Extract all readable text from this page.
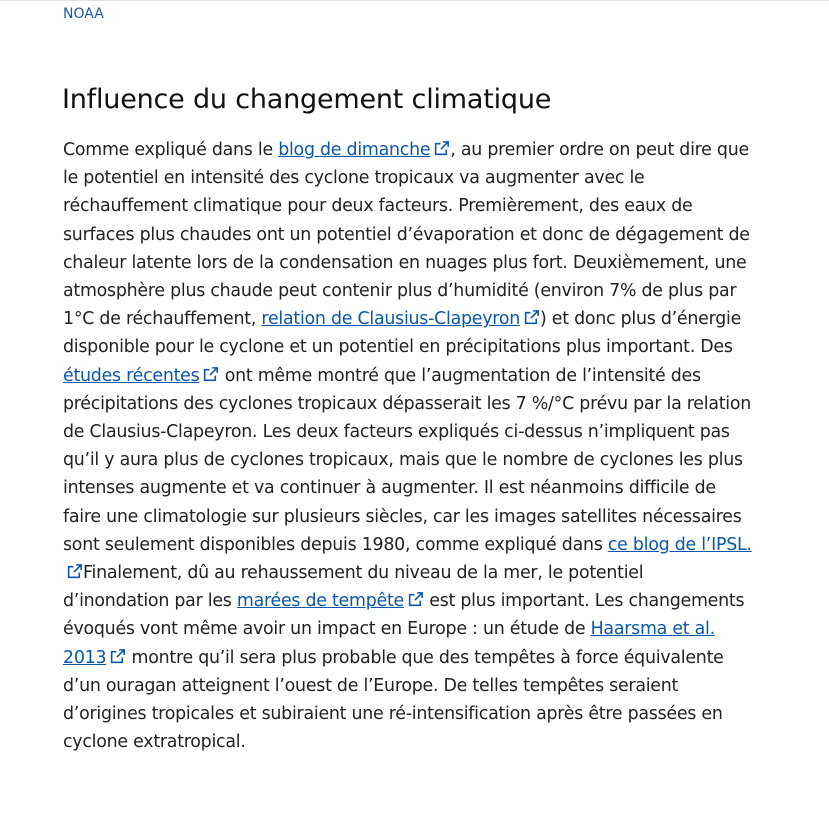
NOAA
Influence du changement climatique

Comme expliqué dans le blog de dimanche , au premier ordre on peut dire que le potentiel en intensité des cyclone tropicaux va augmenter avec le réchauffement climatique pour deux facteurs. Premièrement, des eaux de surfaces plus chaudes ont un potentiel d’évaporation et donc de dégagement de chaleur latente lors de la condensation en nuages plus fort. Deuxièmement, une atmosphère plus chaude peut contenir plus d’humidité (environ 7% de plus par 1°C de réchauffement, relation de Clausius-Clapeyron ) et donc plus d’énergie disponible pour le cyclone et un potentiel en précipitations plus important. Des études récentes ont même montré que l’augmentation de l’intensité des précipitations des cyclones tropicaux dépasserait les 7 %/°C prévu par la relation de Clausius-Clapeyron. Les deux facteurs expliqués ci-dessus n’impliquent pas qu’il y aura plus de cyclones tropicaux, mais que le nombre de cyclones les plus intenses augmente et va continuer à augmenter. Il est néanmoins difficile de faire une climatologie sur plusieurs siècles, car les images satellites nécessaires sont seulement disponibles depuis 1980, comme expliqué dans ce blog de l’IPSL.Finalement, dû au rehaussement du niveau de la mer, le potentiel d’inondation par les marées de tempête est plus important. Les changements évoqués vont même avoir un impact en Europe : un étude de Haarsma et al. 2013 montre qu’il sera plus probable que des tempêtes à force équivalente d’un ouragan atteignent l’ouest de l’Europe. De telles tempêtes seraient d’origines tropicales et subiraient une ré-intensification après être passées en cyclone extratropical.
